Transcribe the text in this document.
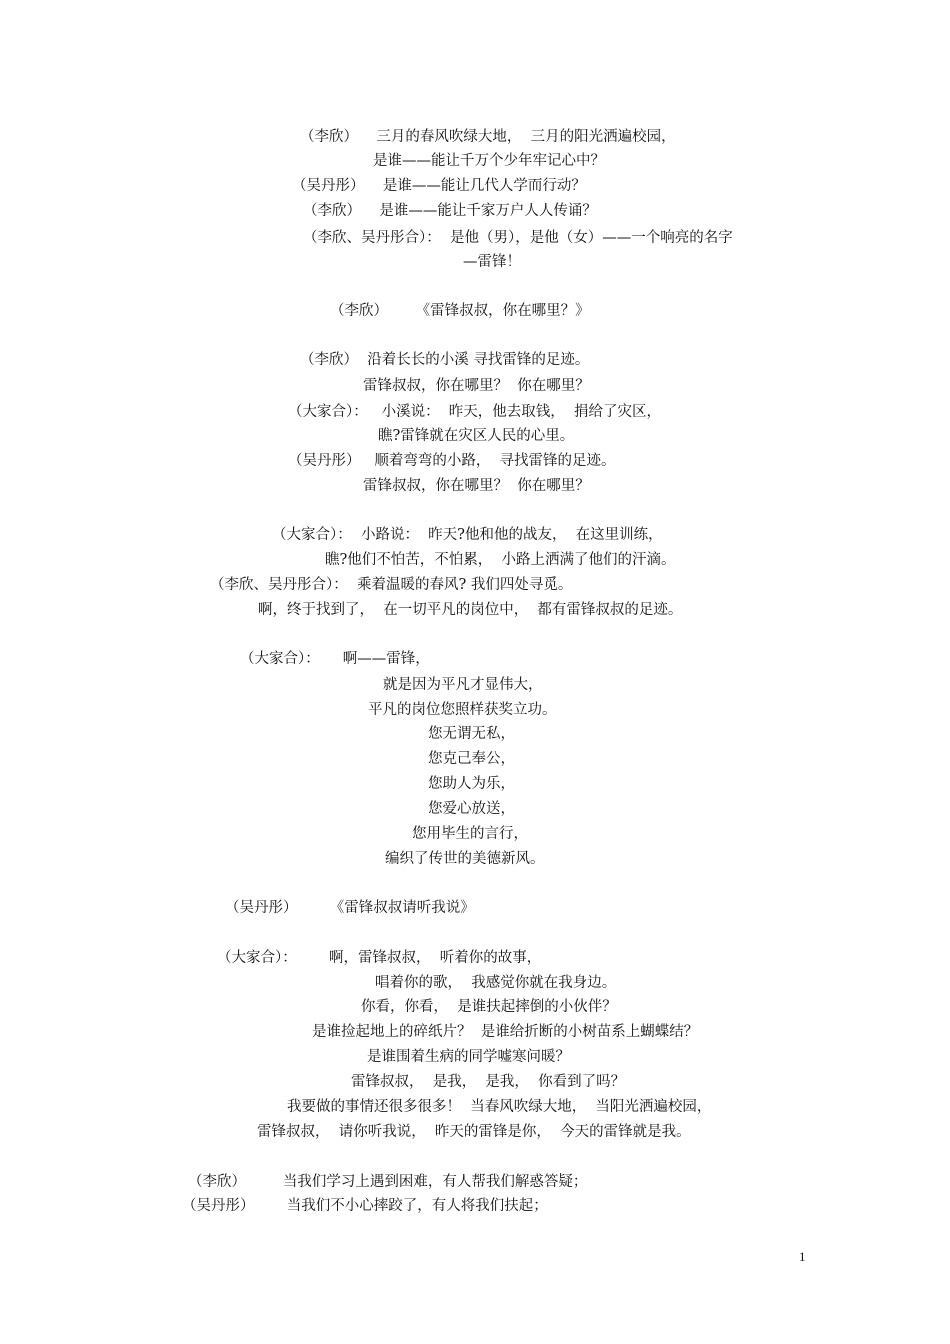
（李欣）    三月的春风吹绿大地，  三月的阳光洒遍校园，
是谁——能让千万个少年牢记心中？
（吴丹彤）    是谁——能让几代人学而行动？
（李欣）    是谁——能让千家万户人人传诵？
（李欣、吴丹彤合）：  是他（男），是他（女）——一个响亮的名字
—雷锋！
（李欣）      《雷锋叔叔，你在哪里？》
（李欣）  沿着长长的小溪 寻找雷锋的足迹。
雷锋叔叔，你在哪里？  你在哪里？
（大家合）：   小溪说：  昨天，他去取钱，  捐给了灾区，
瞧?雷锋就在灾区人民的心里。
（吴丹彤）   顺着弯弯的小路，  寻找雷锋的足迹。
雷锋叔叔，你在哪里？  你在哪里？
（大家合）：  小路说：  昨天?他和他的战友，  在这里训练，
瞧?他们不怕苦，不怕累，  小路上洒满了他们的汗滴。
（李欣、吴丹彤合）：  乘着温暖的春风? 我们四处寻觅。
啊，终于找到了，  在一切平凡的岗位中，  都有雷锋叔叔的足迹。
（大家合）：     啊——雷锋，
就是因为平凡才显伟大，
平凡的岗位您照样获奖立功。
您无谓无私，
您克己奉公，
您助人为乐，
您爱心放送，
您用毕生的言行，
编织了传世的美德新风。
（吴丹彤）       《雷锋叔叔请听我说》
（大家合）：       啊，雷锋叔叔，  听着你的故事，
唱着你的歌，  我感觉你就在我身边。
你看，你看，  是谁扶起摔倒的小伙伴？
是谁捡起地上的碎纸片？  是谁给折断的小树苗系上蝴蝶结？
是谁围着生病的同学嘘寒问暖？
雷锋叔叔，  是我，  是我，  你看到了吗？
我要做的事情还很多很多！  当春风吹绿大地，  当阳光洒遍校园，
雷锋叔叔，  请你听我说，  昨天的雷锋是你，  今天的雷锋就是我。
（李欣）        当我们学习上遇到困难，有人帮我们解惑答疑；
（吴丹彤）       当我们不小心摔跤了，有人将我们扶起；
1
